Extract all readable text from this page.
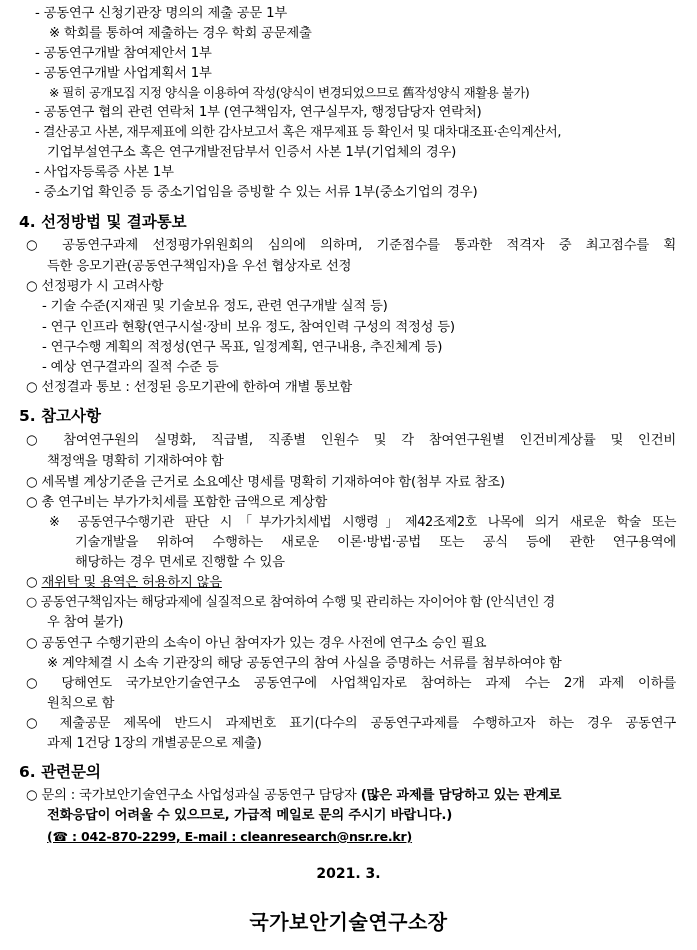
- 공동연구 신청기관장 명의의 제출 공문 1부
※ 학회를 통하여 제출하는 경우 학회 공문제출
- 공동연구개발 참여제안서 1부
- 공동연구개발 사업계획서 1부
※ 필히 공개모집 지정 양식을 이용하여 작성(양식이 변경되었으므로 舊작성양식 재활용 불가)
- 공동연구 협의 관련 연락처 1부 (연구책임자, 연구실무자, 행정담당자 연락처)
- 결산공고 사본, 재무제표에 의한 감사보고서 혹은 재무제표 등 확인서 및 대차대조표·손익계산서,
기업부설연구소 혹은 연구개발전담부서 인증서 사본 1부(기업체의 경우)
- 사업자등록증 사본 1부
- 중소기업 확인증 등 중소기업임을 증빙할 수 있는 서류 1부(중소기업의 경우)
4. 선정방법 및 결과통보
○ 공동연구과제 선정평가위원회의 심의에 의하며, 기준점수를 통과한 적격자 중 최고점수를 획
득한 응모기관(공동연구책임자)을 우선 협상자로 선정
○ 선정평가 시 고려사항
- 기술 수준(지재권 및 기술보유 정도, 관련 연구개발 실적 등)
- 연구 인프라 현황(연구시설·장비 보유 정도, 참여인력 구성의 적정성 등)
- 연구수행 계획의 적정성(연구 목표, 일정계획, 연구내용, 추진체계 등)
- 예상 연구결과의 질적 수준 등
○ 선정결과 통보 : 선정된 응모기관에 한하여 개별 통보함
5. 참고사항
○ 참여연구원의 실명화, 직급별, 직종별 인원수 및 각 참여연구원별 인건비계상률 및 인건비
책정액을 명확히 기재하여야 함
○ 세목별 계상기준을 근거로 소요예산 명세를 명확히 기재하여야 함(첨부 자료 참조)
○ 총 연구비는 부가가치세를 포함한 금액으로 계상함
※ 공동연구수행기관 판단 시「부가가치세법 시행령」제42조제2호 나목에 의거 새로운 학술 또는
기술개발을 위하여 수행하는 새로운 이론·방법·공법 또는 공식 등에 관한 연구용역에
해당하는 경우 면세로 진행할 수 있음
○ 재위탁 및 용역은 허용하지 않음
○ 공동연구책임자는 해당과제에 실질적으로 참여하여 수행 및 관리하는 자이어야 함 (안식년인 경
우 참여 불가)
○ 공동연구 수행기관의 소속이 아닌 참여자가 있는 경우 사전에 연구소 승인 필요
※ 계약체결 시 소속 기관장의 해당 공동연구의 참여 사실을 증명하는 서류를 첨부하여야 함
○ 당해연도 국가보안기술연구소 공동연구에 사업책임자로 참여하는 과제 수는 2개 과제 이하를
원칙으로 함
○ 제출공문 제목에 반드시 과제번호 표기(다수의 공동연구과제를 수행하고자 하는 경우 공동연구
과제 1건당 1장의 개별공문으로 제출)
6. 관련문의
○ 문의 : 국가보안기술연구소 사업성과실 공동연구 담당자 (많은 과제를 담당하고 있는 관계로
전화응답이 어려울 수 있으므로, 가급적 메일로 문의 주시기 바랍니다.)
(☎ : 042-870-2299, E-mail : cleanresearch@nsr.re.kr)
2021. 3.
국가보안기술연구소장
